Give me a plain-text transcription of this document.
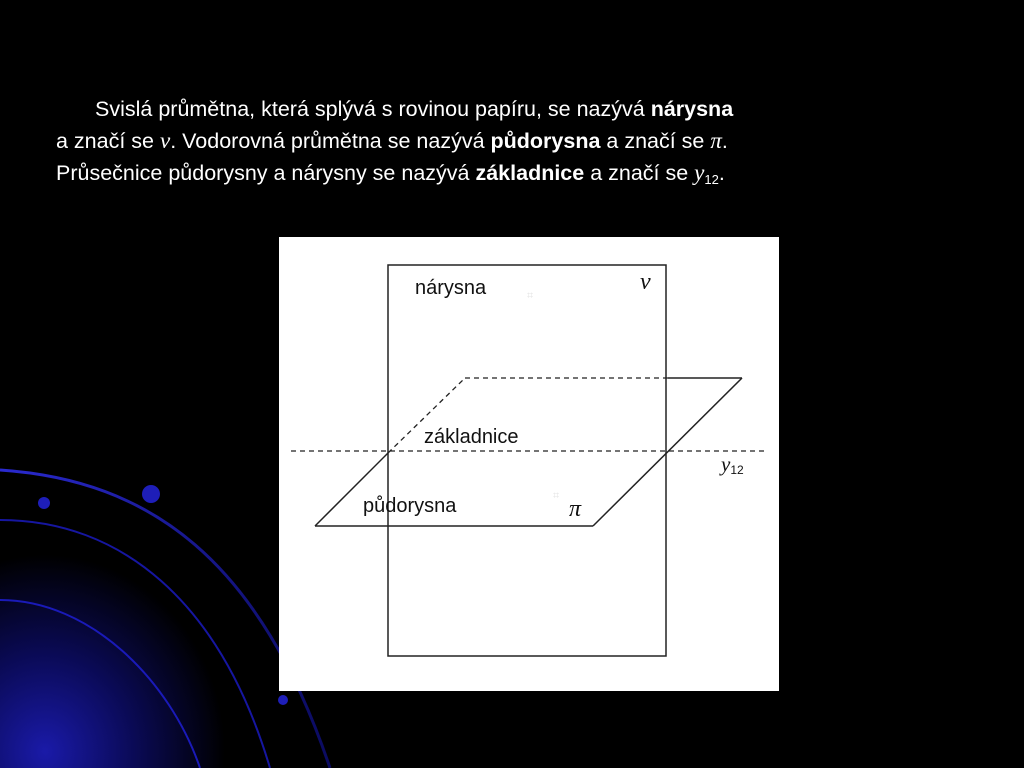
Svislá průmětna, která splývá s rovinou papíru, se nazývá nárysna
a značí se ν. Vodorovná průmětna se nazývá půdorysna a značí se π.
Průsečnice půdorysny a nárysny se nazývá základnice a značí se $y_{12}$.
⌗
⌗
nárysna	ν
základnice
y12
půdorysna	π
